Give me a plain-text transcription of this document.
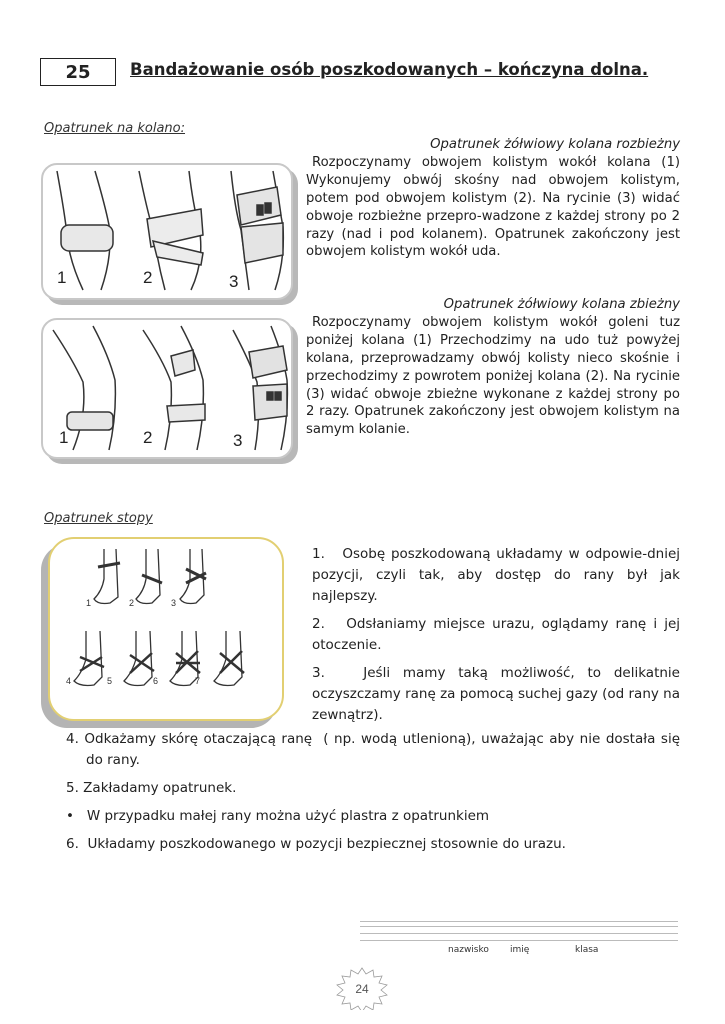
25 Bandażowanie osób poszkodowanych – kończyna dolna.
Opatrunek na kolano:
1	2	3
1	2	3
Opatrunek żółwiowy kolana rozbieżny
Rozpoczynamy obwojem kolistym wokół kolana (1) Wykonujemy obwój skośny nad obwojem kolistym, potem pod obwojem kolistym (2). Na rycinie (3) widać obwoje rozbieżne przepro-wadzone z każdej strony po 2 razy (nad i pod kolanem). Opatrunek zakończony jest obwojem kolistym wokół uda.
Opatrunek żółwiowy kolana zbieżny
Rozpoczynamy obwojem kolistym wokół goleni tuz poniżej kolana (1) Przechodzimy na udo tuż powyżej kolana, przeprowadzamy obwój kolisty nieco skośnie i przechodzimy z powrotem poniżej kolana (2). Na rycinie (3) widać obwoje zbieżne wykonane z każdej strony po 2 razy. Opatrunek zakończony jest obwojem kolistym na samym kolanie.
Opatrunek stopy
1	2	3
4	5	6	7

1.   Osobę poszkodowaną układamy w odpowie-dniej pozycji, czyli tak, aby dostęp do rany był jak najlepszy.

2.   Odsłaniamy miejsce urazu, oglądamy ranę i jej otoczenie.

3.   Jeśli mamy taką możliwość, to delikatnie oczyszczamy ranę za pomocą suchej gazy (od rany na zewnątrz).

4. Odkażamy skórę otaczającą ranę  ( np. wodą utlenioną), uważając aby nie dostała się do rany.

5. Zakładamy opatrunek.

•   W przypadku małej rany można użyć plastra z opatrunkiem

6.  Układamy poszkodowanego w pozycji bezpiecznej stosownie do urazu.

nazwisko imię	klasa
24
